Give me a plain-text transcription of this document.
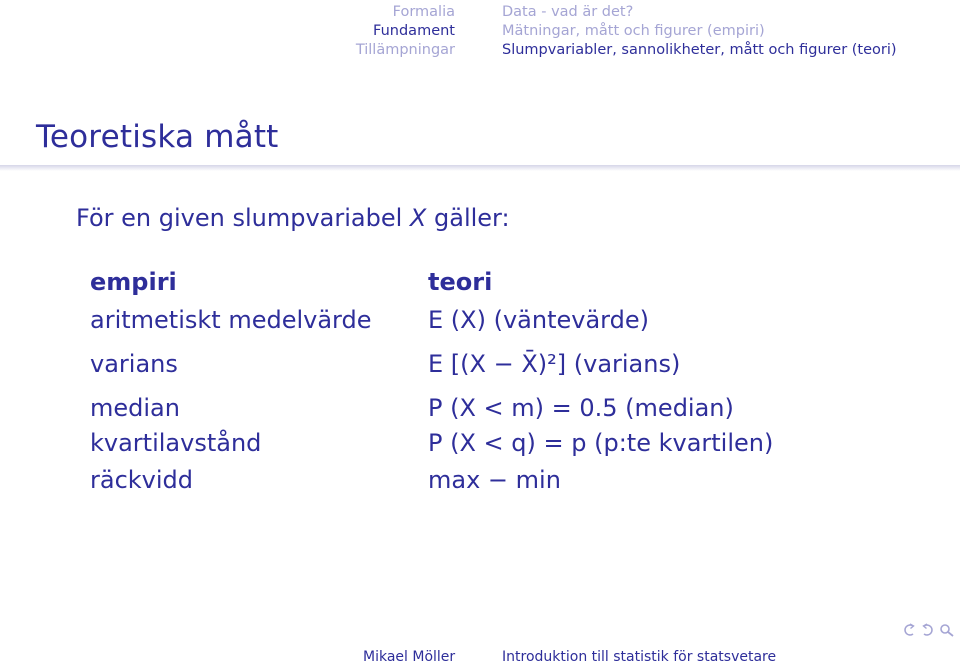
Formalia
Fundament
Tillämpningar
Data - vad är det?
Mätningar, mått och figurer (empiri)
Slumpvariabler, sannolikheter, mått och figurer (teori)
Teoretiska mått
För en given slumpvariabel X gäller:
empiri
aritmetiskt medelvärde
varians
median
kvartilavstånd
räckvidd
teori
E (X) (väntevärde)
E [(X − X̄)²] (varians)
P (X < m) = 0.5 (median)
P (X < q) = p (p:te kvartilen)
max − min
Mikael Möller	Introduktion till statistik för statsvetare
